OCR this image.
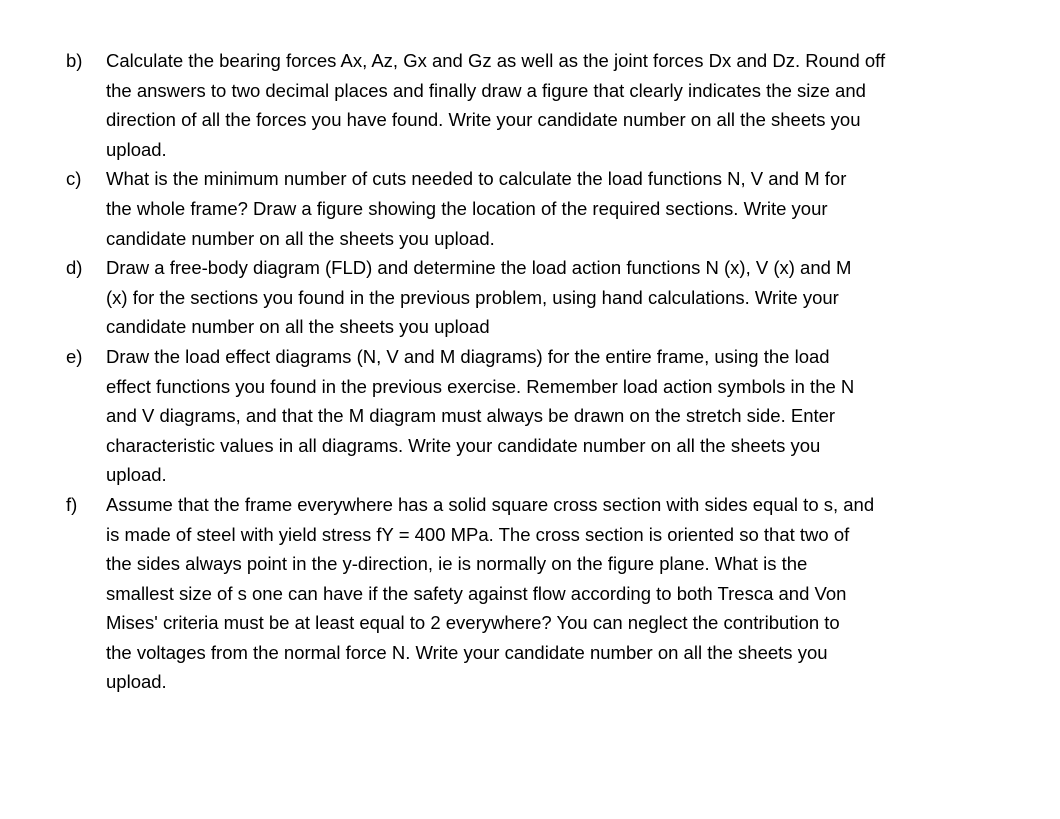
b)	Calculate the bearing forces Ax, Az, Gx and Gz as well as the joint forces Dx and Dz. Round off
the answers to two decimal places and finally draw a figure that clearly indicates the size and
direction of all the forces you have found. Write your candidate number on all the sheets you
upload.
c)	What is the minimum number of cuts needed to calculate the load functions N, V and M for
the whole frame? Draw a figure showing the location of the required sections. Write your
candidate number on all the sheets you upload.
d)	Draw a free-body diagram (FLD) and determine the load action functions N (x), V (x) and M
(x) for the sections you found in the previous problem, using hand calculations. Write your
candidate number on all the sheets you upload
e)	Draw the load effect diagrams (N, V and M diagrams) for the entire frame, using the load
effect functions you found in the previous exercise. Remember load action symbols in the N
and V diagrams, and that the M diagram must always be drawn on the stretch side. Enter
characteristic values in all diagrams. Write your candidate number on all the sheets you
upload.
f)	Assume that the frame everywhere has a solid square cross section with sides equal to s, and
is made of steel with yield stress fY = 400 MPa. The cross section is oriented so that two of
the sides always point in the y-direction, ie is normally on the figure plane. What is the
smallest size of s one can have if the safety against flow according to both Tresca and Von
Mises' criteria must be at least equal to 2 everywhere? You can neglect the contribution to
the voltages from the normal force N. Write your candidate number on all the sheets you
upload.
